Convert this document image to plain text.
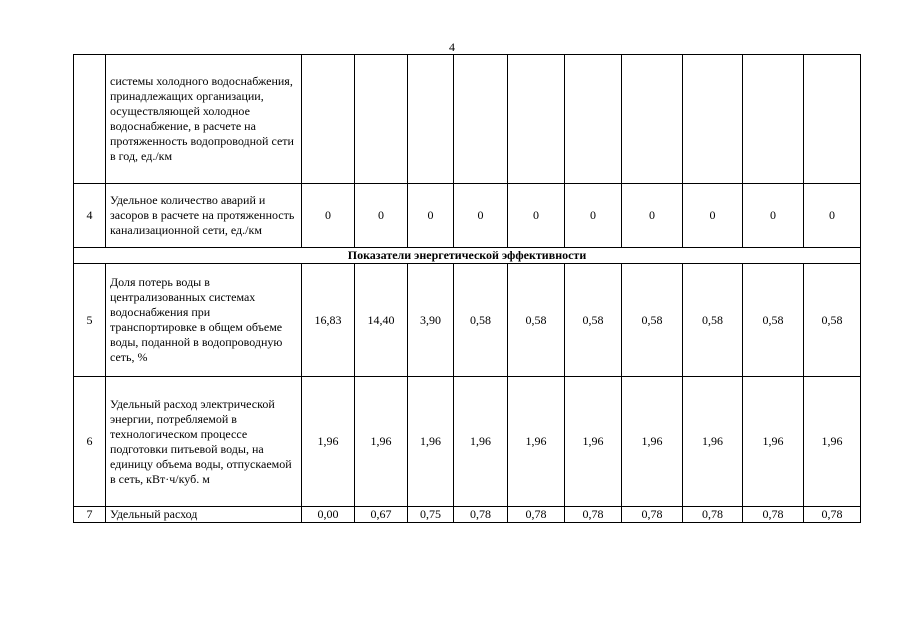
4
	системы холодного водоснабжения, принадлежащих организации, осуществляющей холодное водоснабжение, в расчете на протяженность водопроводной сети в год, ед./км										
4	Удельное количество аварий и засоров в расчете на протяженность канализационной сети, ед./км	0	0	0	0	0	0	0	0	0	0
Показатели энергетической эффективности											
5	Доля потерь воды в централизованных системах водоснабжения при транспортировке в общем объеме воды, поданной в водопроводную сеть, %	16,83	14,40	3,90	0,58	0,58	0,58	0,58	0,58	0,58	0,58
6	Удельный расход электрической энергии, потребляемой в технологическом процессе подготовки питьевой воды, на единицу объема воды, отпускаемой в сеть, кВт·ч/куб. м	1,96	1,96	1,96	1,96	1,96	1,96	1,96	1,96	1,96	1,96
7	Удельный расход	0,00	0,67	0,75	0,78	0,78	0,78	0,78	0,78	0,78	0,78
